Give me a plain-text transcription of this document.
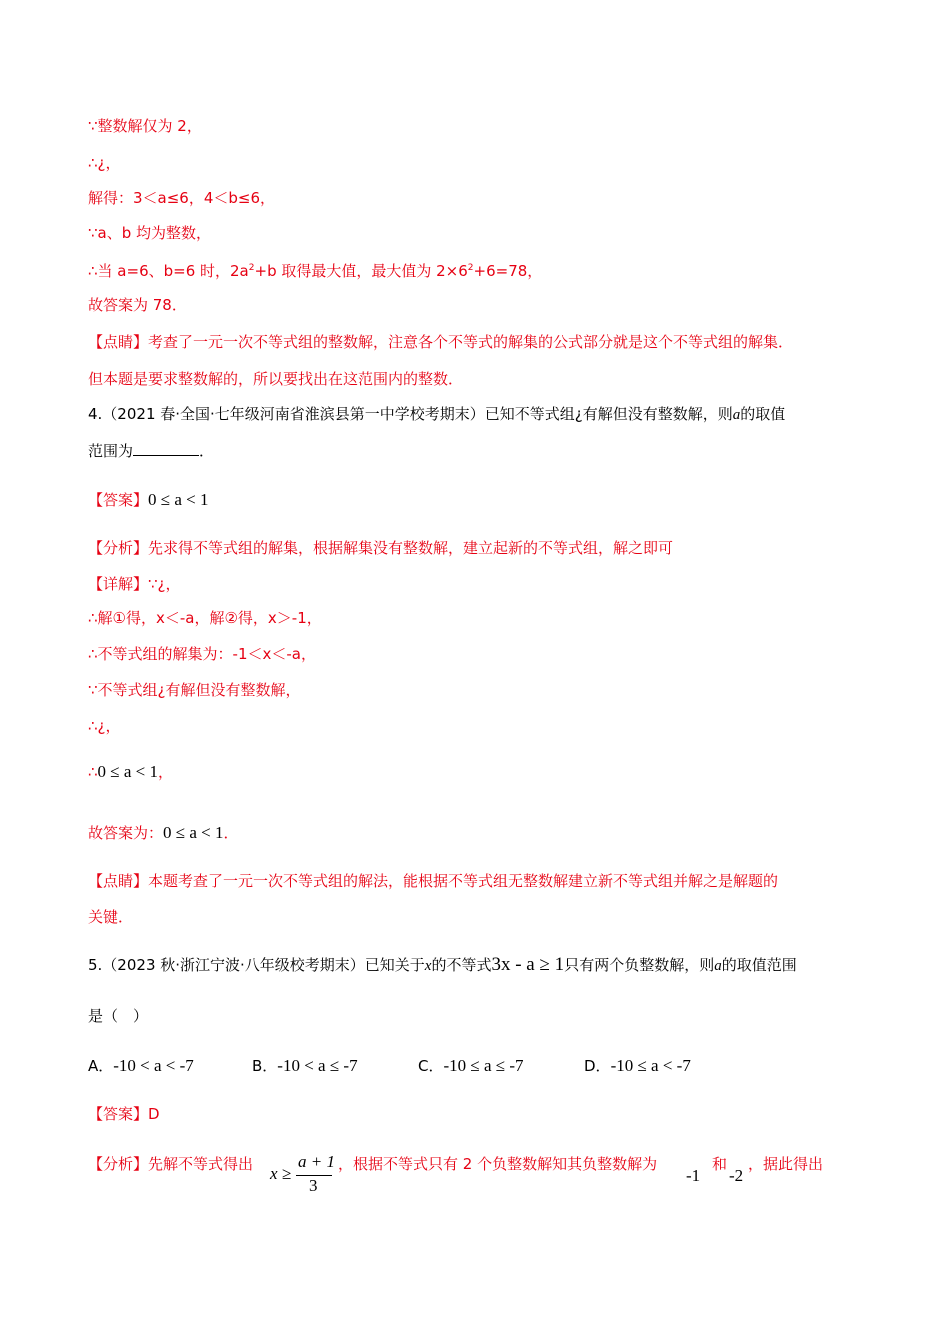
∵整数解仅为 2，
∴¿，
解得：3＜a≤6，4＜b≤6，
∵a、b 均为整数，
∴当 a=6、b=6 时，$2a^2+b$ 取得最大值，最大值为 $2\times 6^2+6=78$，
故答案为 78．
【点睛】考查了一元一次不等式组的整数解，注意各个不等式的解集的公式部分就是这个不等式组的解集．
但本题是要求整数解的，所以要找出在这范围内的整数．
4.（2021 春·全国·七年级河南省淮滨县第一中学校考期末）已知不等式组¿有解但没有整数解，则a的取值
范围为	．
【答案】0 ≤ a < 1
【分析】先求得不等式组的解集，根据解集没有整数解，建立起新的不等式组，解之即可
【详解】∵¿，
∴解①得，x＜-a，解②得，x＞-1，
∴不等式组的解集为：-1＜x＜-a，
∵不等式组¿有解但没有整数解，
∴¿，
∴0 ≤ a < 1，
故答案为：0 ≤ a < 1．
【点睛】本题考查了一元一次不等式组的解法，能根据不等式组无整数解建立新不等式组并解之是解题的
关键．
5.（2023 秋·浙江宁波·八年级校考期末）已知关于x的不等式3x - a ≥ 1只有两个负整数解，则a的取值范围
是（　）
A．-10 < a < -7	B．-10 < a ≤ -7	C．-10 ≤ a ≤ -7	D．-10 ≤ a < -7
【答案】D
【分析】先解不等式得出 x ≥
a + 1
3
，根据不等式只有 2 个负整数解知其负整数解为
-1
和
-2
，据此得出
